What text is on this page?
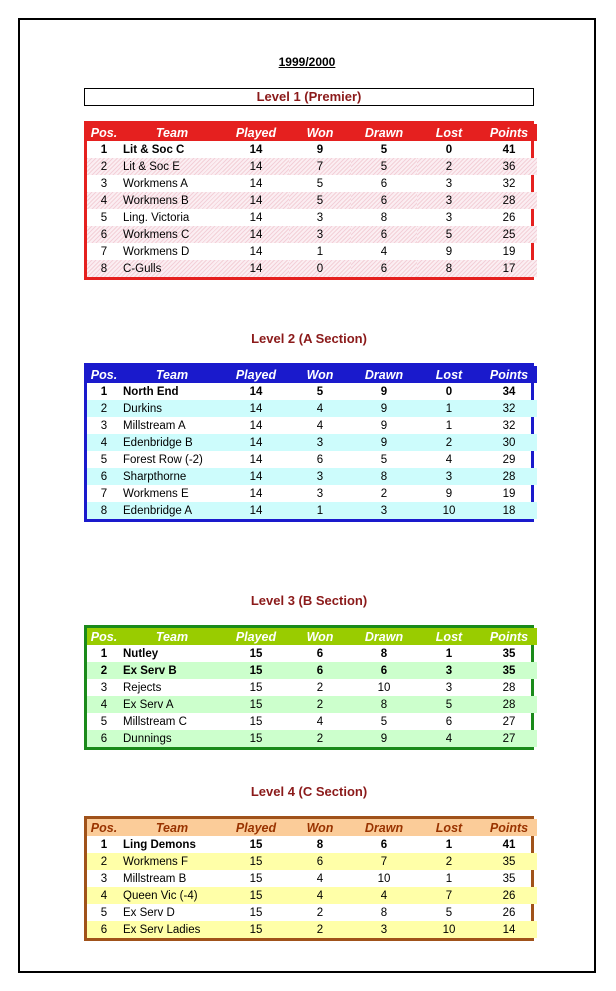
1999/2000
Level 1 (Premier)
Pos.	Team	Played	Won	Drawn	Lost	Points
1	Lit & Soc C	14	9	5	0	41
2	Lit & Soc E	14	7	5	2	36
3	Workmens A	14	5	6	3	32
4	Workmens B	14	5	6	3	28
5	Ling. Victoria	14	3	8	3	26
6	Workmens C	14	3	6	5	25
7	Workmens D	14	1	4	9	19
8	C-Gulls	14	0	6	8	17
Level 2 (A Section)
Pos.	Team	Played	Won	Drawn	Lost	Points
1	North End	14	5	9	0	34
2	Durkins	14	4	9	1	32
3	Millstream A	14	4	9	1	32
4	Edenbridge B	14	3	9	2	30
5	Forest Row (-2)	14	6	5	4	29
6	Sharpthorne	14	3	8	3	28
7	Workmens E	14	3	2	9	19
8	Edenbridge A	14	1	3	10	18
Level 3 (B Section)
Pos.	Team	Played	Won	Drawn	Lost	Points
1	Nutley	15	6	8	1	35
2	Ex Serv B	15	6	6	3	35
3	Rejects	15	2	10	3	28
4	Ex Serv A	15	2	8	5	28
5	Millstream C	15	4	5	6	27
6	Dunnings	15	2	9	4	27
Level 4 (C Section)
Pos.	Team	Played	Won	Drawn	Lost	Points
1	Ling Demons	15	8	6	1	41
2	Workmens F	15	6	7	2	35
3	Millstream B	15	4	10	1	35
4	Queen Vic (-4)	15	4	4	7	26
5	Ex Serv D	15	2	8	5	26
6	Ex Serv Ladies	15	2	3	10	14
